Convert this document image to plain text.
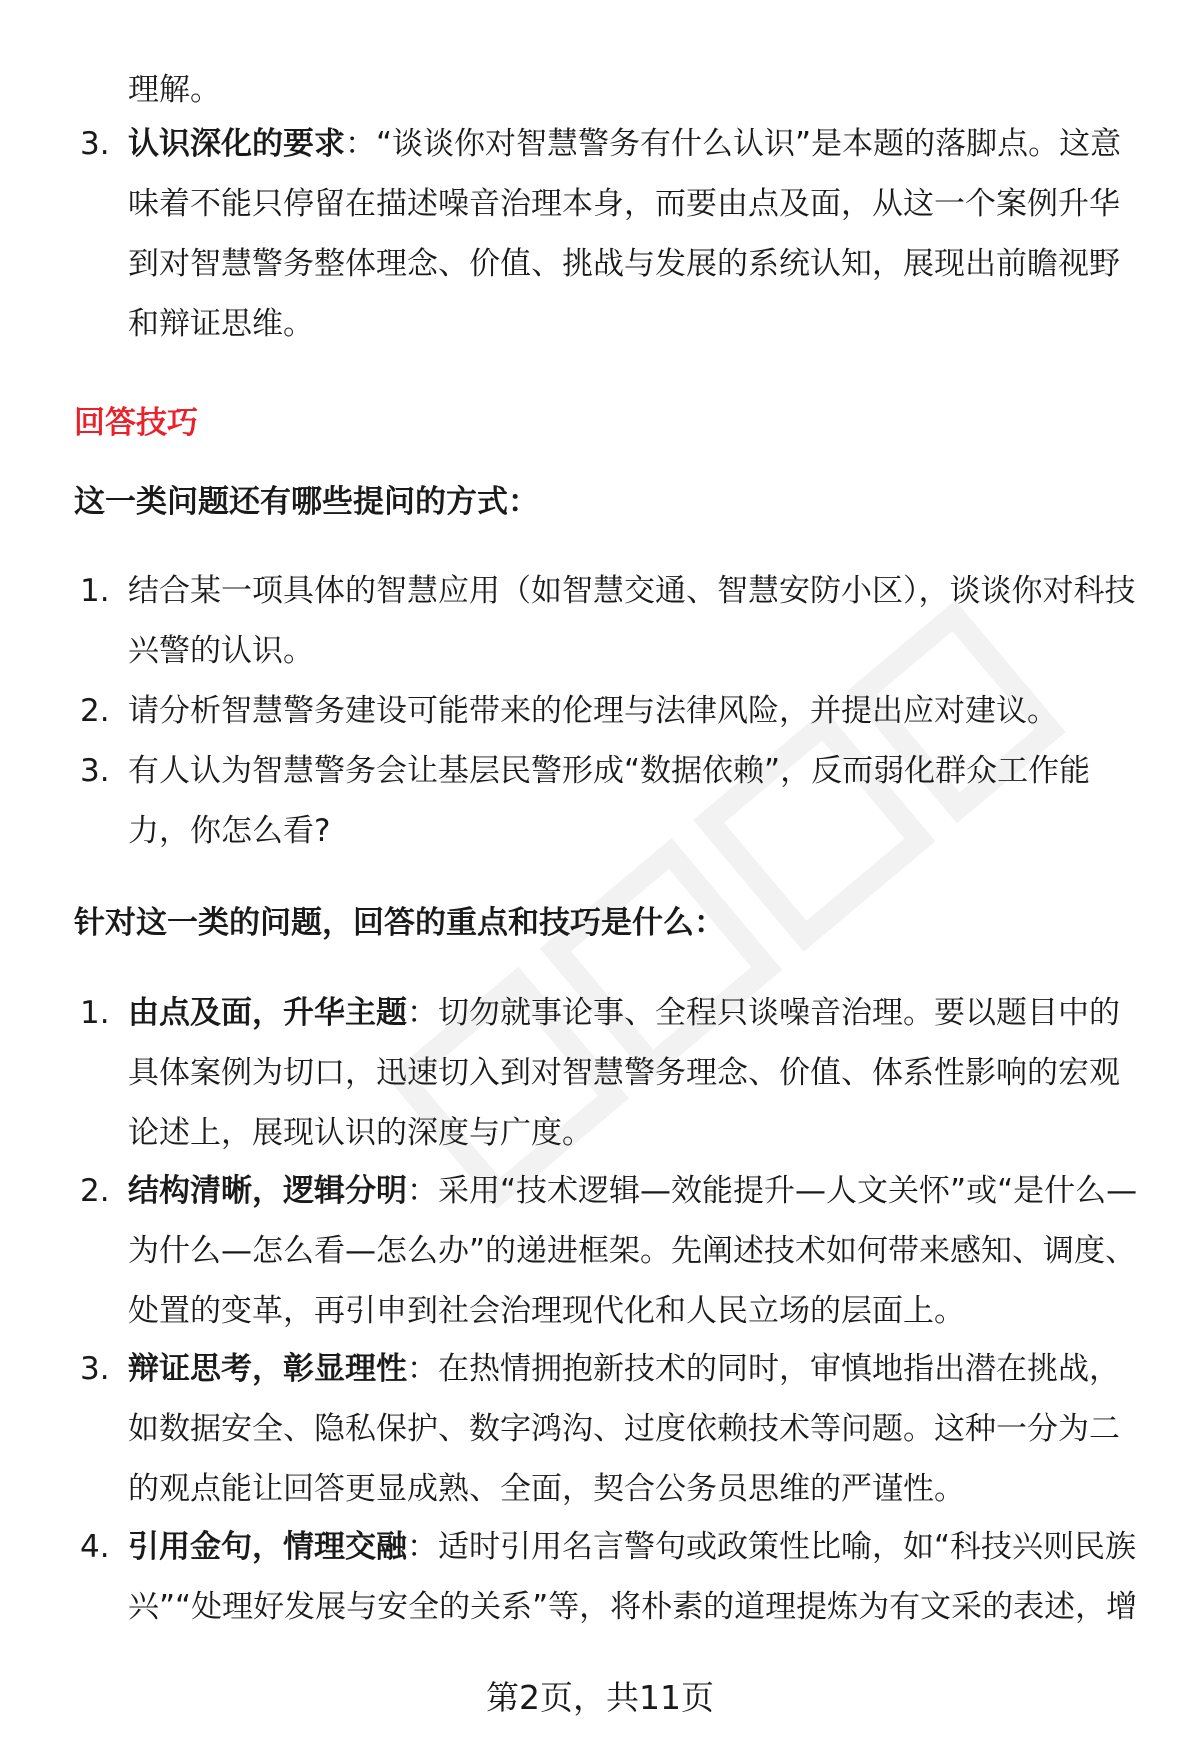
理解。

3. 认识深化的要求：“谈谈你对智慧警务有什么认识”是本题的落脚点。这意味着不能只停留在描述噪音治理本身，而要由点及面，从这一个案例升华到对智慧警务整体理念、价值、挑战与发展的系统认知，展现出前瞻视野和辩证思维。

回答技巧

这一类问题还有哪些提问的方式：

1. 结合某一项具体的智慧应用（如智慧交通、智慧安防小区），谈谈你对科技兴警的认识。

2. 请分析智慧警务建设可能带来的伦理与法律风险，并提出应对建议。

3. 有人认为智慧警务会让基层民警形成“数据依赖”，反而弱化群众工作能力，你怎么看?

针对这一类的问题，回答的重点和技巧是什么：

1. 由点及面，升华主题：切勿就事论事、全程只谈噪音治理。要以题目中的具体案例为切口，迅速切入到对智慧警务理念、价值、体系性影响的宏观论述上，展现认识的深度与广度。

2. 结构清晰，逻辑分明：采用“技术逻辑—效能提升—人文关怀”或“是什么—为什么—怎么看—怎么办”的递进框架。先阐述技术如何带来感知、调度、处置的变革，再引申到社会治理现代化和人民立场的层面上。

3. 辩证思考，彰显理性：在热情拥抱新技术的同时，审慎地指出潜在挑战，如数据安全、隐私保护、数字鸿沟、过度依赖技术等问题。这种一分为二的观点能让回答更显成熟、全面，契合公务员思维的严谨性。

4. 引用金句，情理交融：适时引用名言警句或政策性比喻，如“科技兴则民族兴”“处理好发展与安全的关系”等，将朴素的道理提炼为有文采的表述，增

第2页，共11页
